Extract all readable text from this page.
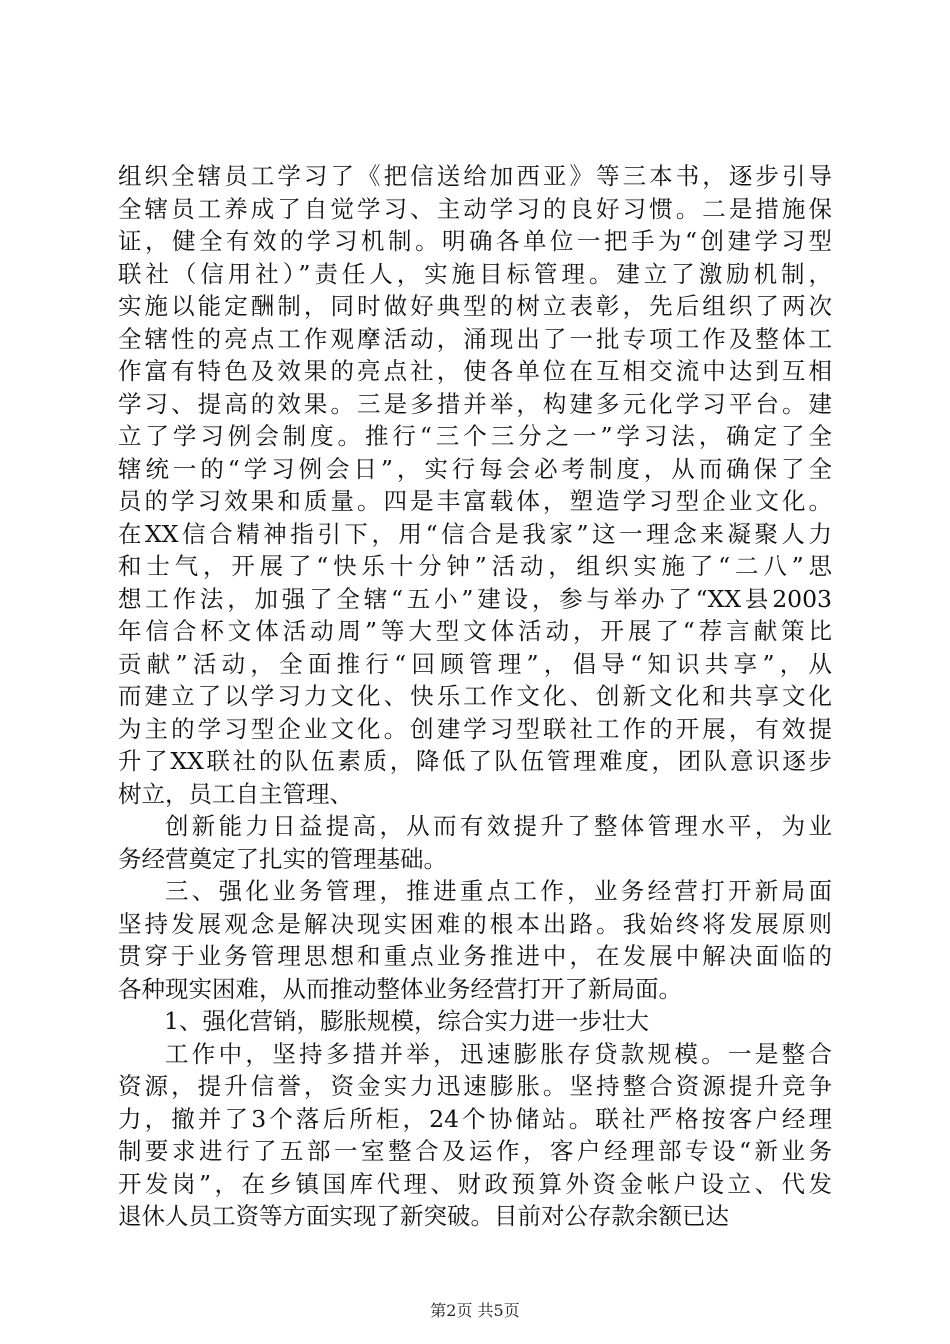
组织全辖员工学习了《把信送给加西亚》等三本书，逐步引导
全辖员工养成了自觉学习、主动学习的良好习惯。二是措施保
证，健全有效的学习机制。明确各单位一把手为“创建学习型
联社（信用社）”责任人，实施目标管理。建立了激励机制，
实施以能定酬制，同时做好典型的树立表彰，先后组织了两次
全辖性的亮点工作观摩活动，涌现出了一批专项工作及整体工
作富有特色及效果的亮点社，使各单位在互相交流中达到互相
学习、提高的效果。三是多措并举，构建多元化学习平台。建
立了学习例会制度。推行“三个三分之一”学习法，确定了全
辖统一的“学习例会日”，实行每会必考制度，从而确保了全
员的学习效果和质量。四是丰富载体，塑造学习型企业文化。
在XX信合精神指引下，用“信合是我家”这一理念来凝聚人力
和士气，开展了“快乐十分钟”活动，组织实施了“二八”思
想工作法，加强了全辖“五小”建设，参与举办了“XX县2003
年信合杯文体活动周”等大型文体活动，开展了“荐言献策比
贡献”活动，全面推行“回顾管理”，倡导“知识共享”，从
而建立了以学习力文化、快乐工作文化、创新文化和共享文化
为主的学习型企业文化。创建学习型联社工作的开展，有效提
升了XX联社的队伍素质，降低了队伍管理难度，团队意识逐步
树立，员工自主管理、
创新能力日益提高，从而有效提升了整体管理水平，为业
务经营奠定了扎实的管理基础。
三、强化业务管理，推进重点工作，业务经营打开新局面
坚持发展观念是解决现实困难的根本出路。我始终将发展原则
贯穿于业务管理思想和重点业务推进中，在发展中解决面临的
各种现实困难，从而推动整体业务经营打开了新局面。
1、强化营销，膨胀规模，综合实力进一步壮大
工作中，坚持多措并举，迅速膨胀存贷款规模。一是整合
资源，提升信誉，资金实力迅速膨胀。坚持整合资源提升竞争
力，撤并了3个落后所柜，24个协储站。联社严格按客户经理
制要求进行了五部一室整合及运作，客户经理部专设“新业务
开发岗”，在乡镇国库代理、财政预算外资金帐户设立、代发
退休人员工资等方面实现了新突破。目前对公存款余额已达
第2页 共5页
